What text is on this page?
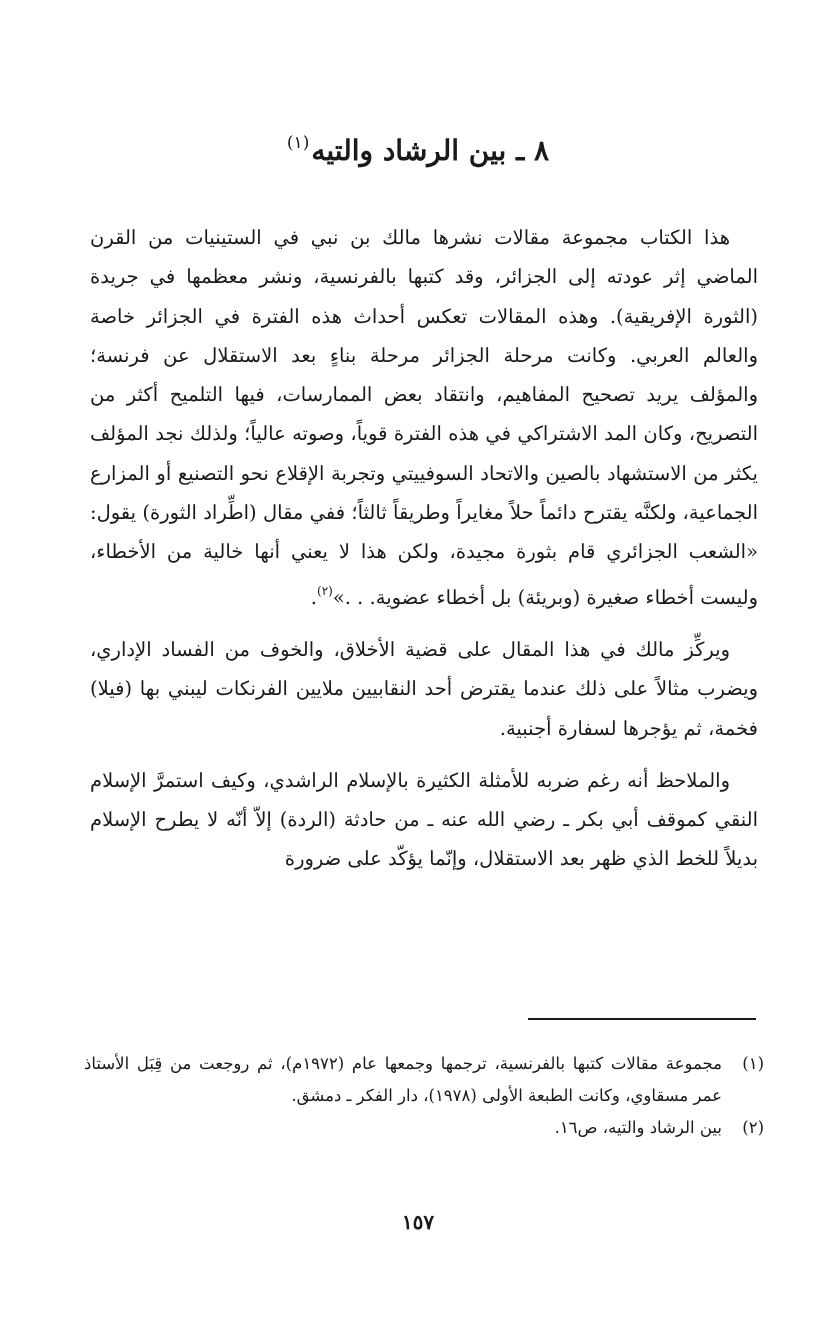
٨ ـ بين الرشاد والتيه$^{(١)}$

هذا الكتاب مجموعة مقالات نشرها مالك بن نبي في الستينيات من القرن الماضي إثر عودته إلى الجزائر، وقد كتبها بالفرنسية، ونشر معظمها في جريدة (الثورة الإفريقية). وهذه المقالات تعكس أحداث هذه الفترة في الجزائر خاصة والعالم العربي. وكانت مرحلة الجزائر مرحلة بناءٍ بعد الاستقلال عن فرنسة؛ والمؤلف يريد تصحيح المفاهيم، وانتقاد بعض الممارسات، فيها التلميح أكثر من التصريح، وكان المد الاشتراكي في هذه الفترة قوياً، وصوته عالياً؛ ولذلك نجد المؤلف يكثر من الاستشهاد بالصين والاتحاد السوفييتي وتجربة الإقلاع نحو التصنيع أو المزارع الجماعية، ولكنَّه يقترح دائماً حلاً مغايراً وطريقاً ثالثاً؛ ففي مقال (اطِّراد الثورة) يقول: «الشعب الجزائري قام بثورة مجيدة، ولكن هذا لا يعني أنها خالية من الأخطاء، وليست أخطاء صغيرة (وبريئة) بل أخطاء عضوية. . .»$^{(٢)}$.

ويركِّز مالك في هذا المقال على قضية الأخلاق، والخوف من الفساد الإداري، ويضرب مثالاً على ذلك عندما يقترض أحد النقابيين ملايين الفرنكات ليبني بها (فيلا) فخمة، ثم يؤجرها لسفارة أجنبية.

والملاحظ أنه رغم ضربه للأمثلة الكثيرة بالإسلام الراشدي، وكيف استمرَّ الإسلام النقي كموقف أبي بكر ـ رضي الله عنه ـ من حادثة (الردة) إلاّ أنّه لا يطرح الإسلام بديلاً للخط الذي ظهر بعد الاستقلال، وإنّما يؤكّد على ضرورة

(١)
مجموعة مقالات كتبها بالفرنسية، ترجمها وجمعها عام (١٩٧٢م)، ثم روجعت من قِبَل الأستاذ عمر مسقاوي، وكانت الطبعة الأولى (١٩٧٨)، دار الفكر ـ دمشق.
(٢)
بين الرشاد والتيه، ص١٦.
١٥٧
